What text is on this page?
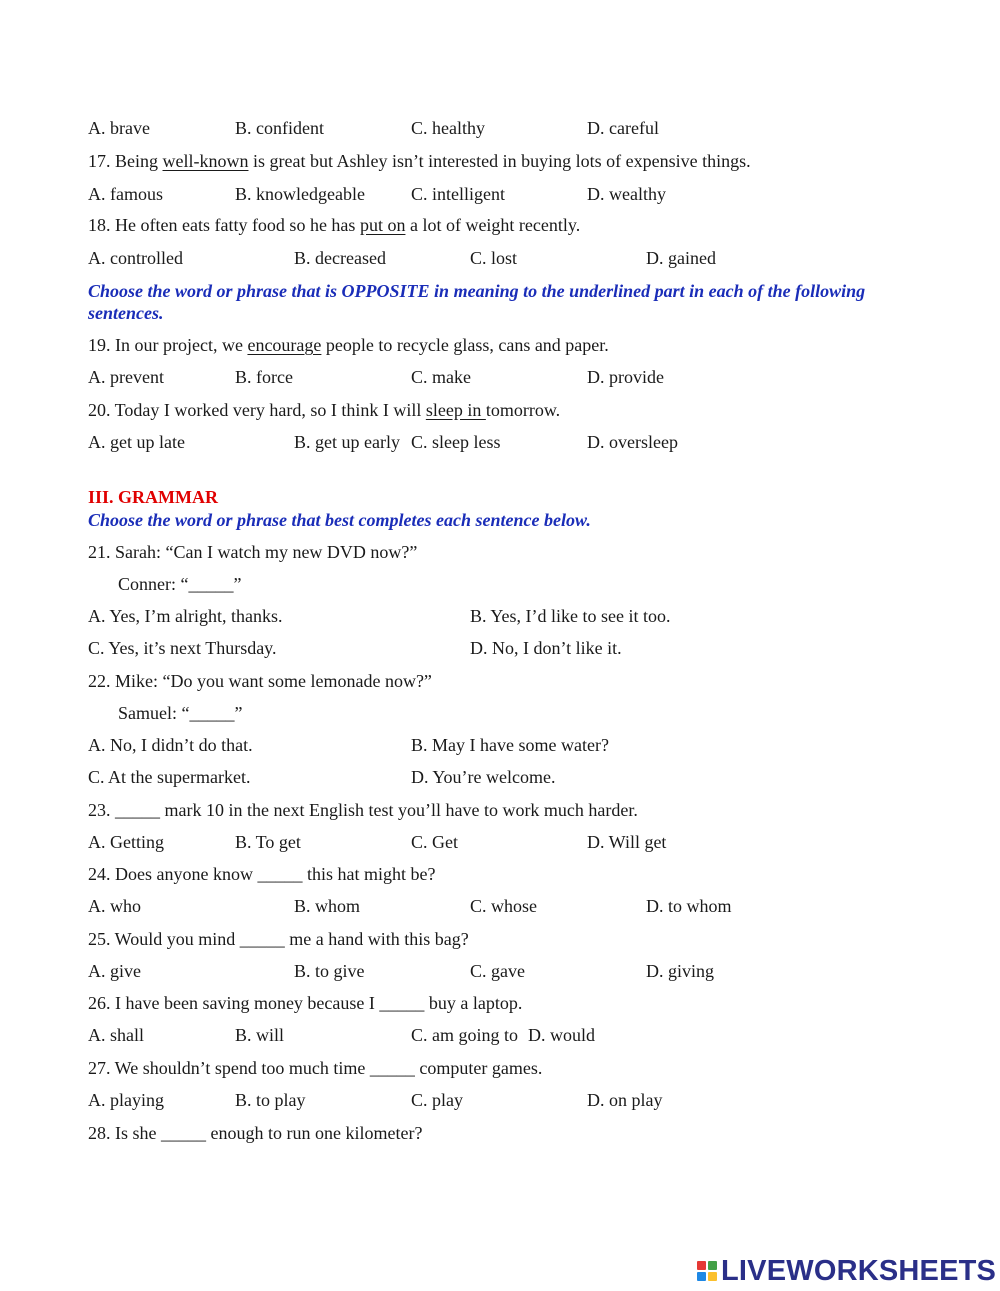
A. brave	B. confident	C. healthy	D. careful
17. Being well-known is great but Ashley isn’t interested in buying lots of expensive things.
A. famous	B. knowledgeable	C. intelligent	D. wealthy
18. He often eats fatty food so he has put on a lot of weight recently.
A. controlled	B. decreased	C. lost	D. gained
Choose the word or phrase that is OPPOSITE in meaning to the underlined part in each of the following sentences.
19. In our project, we encourage people to recycle glass, cans and paper.
A. prevent	B. force	C. make	D. provide
20. Today I worked very hard, so I think I will sleep in tomorrow.
A. get up late	B. get up early C. sleep less	D. oversleep
III. GRAMMAR
Choose the word or phrase that best completes each sentence below.
21. Sarah: “Can I watch my new DVD now?”
Conner: “_____”
A. Yes, I’m alright, thanks.	B. Yes, I’d like to see it too.
C. Yes, it’s next Thursday.	D. No, I don’t like it.
22. Mike: “Do you want some lemonade now?”
Samuel: “_____”
A. No, I didn’t do that.	B. May I have some water?
C. At the supermarket.	D. You’re welcome.
23. _____ mark 10 in the next English test you’ll have to work much harder.
A. Getting	B. To get	C. Get	D. Will get
24. Does anyone know _____ this hat might be?
A. who	B. whom	C. whose	D. to whom
25. Would you mind _____ me a hand with this bag?
A. give	B. to give	C. gave	D. giving
26. I have been saving money because I _____ buy a laptop.
A. shall	B. will	C. am going to D. would
27. We shouldn’t spend too much time _____ computer games.
A. playing	B. to play	C. play	D. on play
28. Is she _____ enough to run one kilometer?
LIVEWORKSHEETS
